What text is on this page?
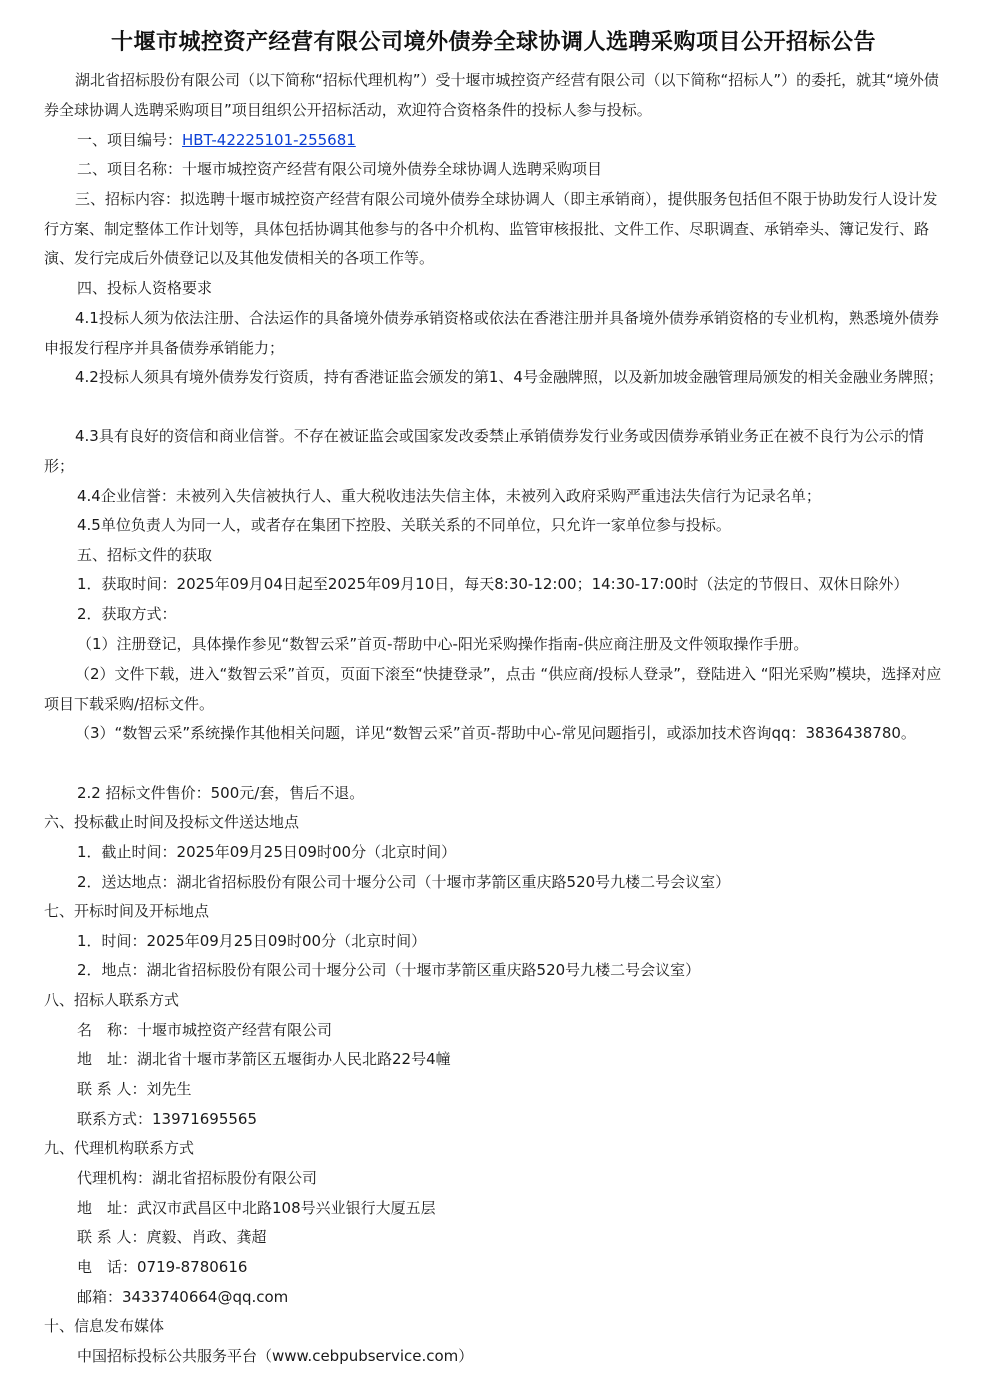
十堰市城控资产经营有限公司境外债券全球协调人选聘采购项目公开招标公告

湖北省招标股份有限公司（以下简称“招标代理机构”）受十堰市城控资产经营有限公司（以下简称“招标人”）的委托，就其“境外债券全球协调人选聘采购项目”项目组织公开招标活动，欢迎符合资格条件的投标人参与投标。

一、项目编号：HBT-42225101-255681
二、项目名称：十堰市城控资产经营有限公司境外债券全球协调人选聘采购项目

三、招标内容：拟选聘十堰市城控资产经营有限公司境外债券全球协调人（即主承销商），提供服务包括但不限于协助发行人设计发行方案、制定整体工作计划等，具体包括协调其他参与的各中介机构、监管审核报批、文件工作、尽职调查、承销牵头、簿记发行、路演、发行完成后外债登记以及其他发债相关的各项工作等。

四、投标人资格要求

4.1投标人须为依法注册、合法运作的具备境外债券承销资格或依法在香港注册并具备境外债券承销资格的专业机构，熟悉境外债券申报发行程序并具备债券承销能力；

4.2投标人须具有境外债券发行资质，持有香港证监会颁发的第1、4号金融牌照，以及新加坡金融管理局颁发的相关金融业务牌照；

4.3具有良好的资信和商业信誉。不存在被证监会或国家发改委禁止承销债券发行业务或因债券承销业务正在被不良行为公示的情形；

4.4企业信誉：未被列入失信被执行人、重大税收违法失信主体，未被列入政府采购严重违法失信行为记录名单；
4.5单位负责人为同一人，或者存在集团下控股、关联关系的不同单位，只允许一家单位参与投标。
五、招标文件的获取
1．获取时间：2025年09月04日起至2025年09月10日，每天8:30-12:00；14:30-17:00时（法定的节假日、双休日除外）
2．获取方式：
（1）注册登记，具体操作参见“数智云采”首页-帮助中心-阳光采购操作指南-供应商注册及文件领取操作手册。

（2）文件下载，进入“数智云采”首页，页面下滚至“快捷登录”，点击 “供应商/投标人登录”，登陆进入 “阳光采购”模块，选择对应项目下载采购/招标文件。

（3）“数智云采”系统操作其他相关问题，详见“数智云采”首页-帮助中心-常见问题指引，或添加技术咨询qq：3836438780。

2.2 招标文件售价：500元/套，售后不退。
六、投标截止时间及投标文件送达地点
1．截止时间：2025年09月25日09时00分（北京时间）
2．送达地点：湖北省招标股份有限公司十堰分公司（十堰市茅箭区重庆路520号九楼二号会议室）
七、开标时间及开标地点
1．时间：2025年09月25日09时00分（北京时间）
2．地点：湖北省招标股份有限公司十堰分公司（十堰市茅箭区重庆路520号九楼二号会议室）
八、招标人联系方式
名　称：十堰市城控资产经营有限公司
地　址：湖北省十堰市茅箭区五堰街办人民北路22号4幢
联 系 人：刘先生
联系方式：13971695565
九、代理机构联系方式
代理机构：湖北省招标股份有限公司
地　址：武汉市武昌区中北路108号兴业银行大厦五层
联 系 人：庹毅、肖政、龚超
电　话：0719-8780616
邮箱：3433740664@qq.com
十、信息发布媒体
中国招标投标公共服务平台（www.cebpubservice.com）
